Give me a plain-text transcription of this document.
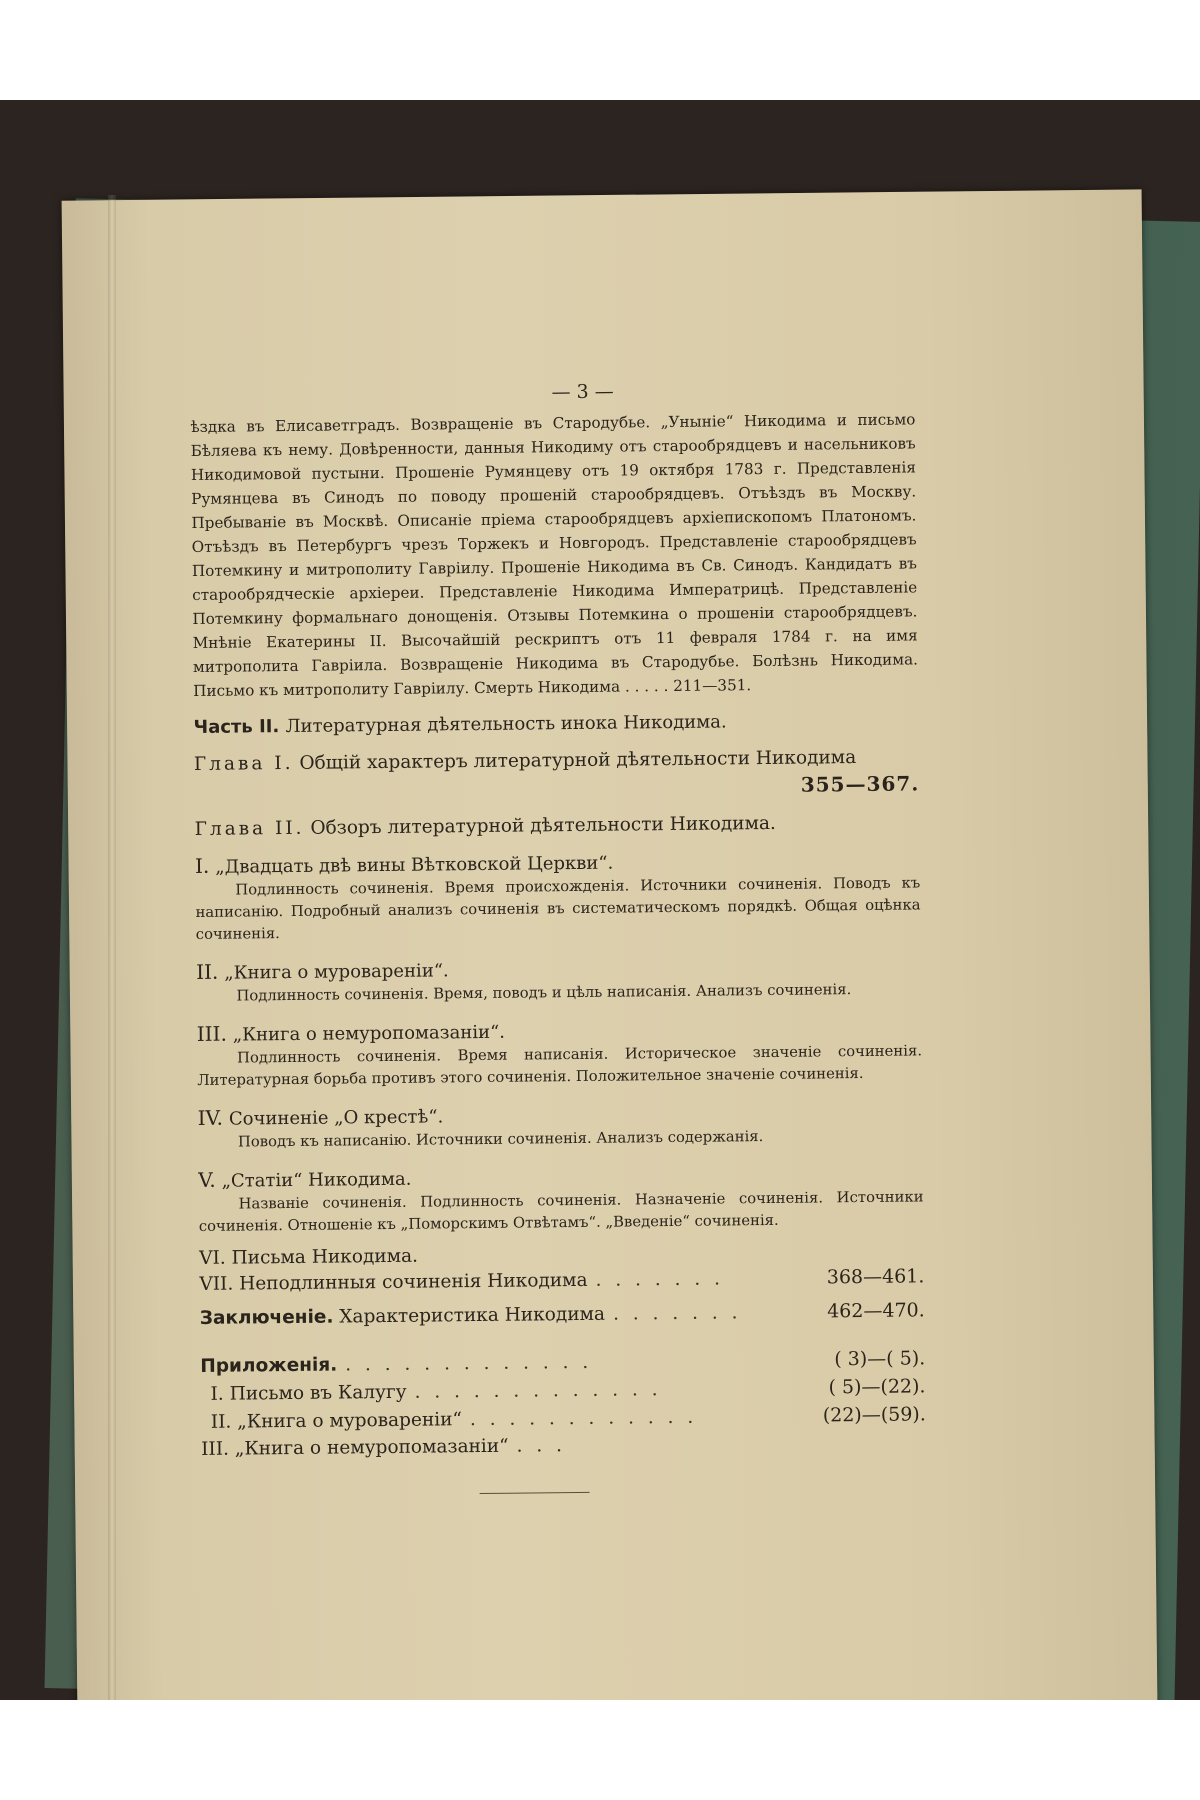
— 3 —

ѣздка въ Елисаветградъ. Возвращеніе въ Стародубье. „Уныніе“ Никодима и письмо Бѣляева къ нему. Довѣренности, данныя Никодиму отъ старообрядцевъ и насельниковъ Никодимовой пустыни. Прошеніе Румянцеву отъ 19 октября 1783 г. Представленія Румянцева въ Синодъ по поводу прошеній старообрядцевъ. Отъѣздъ въ Москву. Пребываніе въ Москвѣ. Описаніе пріема старообрядцевъ архіепископомъ Платономъ. Отъѣздъ въ Петербургъ чрезъ Торжекъ и Новгородъ. Представленіе старообрядцевъ Потемкину и митрополиту Гавріилу. Прошеніе Никодима въ Св. Синодъ. Кандидатъ въ старообрядческіе архіереи. Представленіе Никодима Императрицѣ. Представленіе Потемкину формальнаго донощенія. Отзывы Потемкина о прошеніи старообрядцевъ. Мнѣніе Екатерины II. Высочайшій рескриптъ отъ 11 февраля 1784 г. на имя митрополита Гавріила. Возвращеніе Никодима въ Стародубье. Болѣзнь Никодима. Письмо къ митрополиту Гавріилу. Смерть Никодима . . . . . 211—351.

Часть II. Литературная дѣятельность инока Никодима.
Глава I. Общій характеръ литературной дѣятельности Никодима
355—367.
Глава II. Обзоръ литературной дѣятельности Никодима.
I. „Двадцать двѣ вины Вѣтковской Церкви“.

Подлинность сочиненія. Время происхожденія. Источники сочиненія. Поводъ къ написанію. Подробный анализъ сочиненія въ систематическомъ порядкѣ. Общая оцѣнка сочиненія.

II. „Книга о муровареніи“.

Подлинность сочиненія. Время, поводъ и цѣль написанія. Анализъ сочиненія.

III. „Книга о немуропомазаніи“.

Подлинность сочиненія. Время написанія. Историческое значеніе сочиненія. Литературная борьба противъ этого сочиненія. Положительное значеніе сочиненія.

IV. Сочиненіе „О крестѣ“.

Поводъ къ написанію. Источники сочиненія. Анализъ содержанія.

V. „Статіи“ Никодима.

Названіе сочиненія. Подлинность сочиненія. Назначеніе сочиненія. Источники сочиненія. Отношеніе къ „Поморскимъ Отвѣтамъ“. „Введеніе“ сочиненія.

VI. Письма Никодима.
VII. Неподлинныя сочиненія Никодима . . . . . . .	368—461.
Заключеніе. Характеристика Никодима . . . . . . .	462—470.
Приложенія. . . . . . . . . . . . . .	( 3)—( 5).
I. Письмо въ Калугу . . . . . . . . . . . . .	( 5)—(22).
II. „Книга о муровареніи“ . . . . . . . . . . . .	(22)—(59).
III. „Книга о немуропомазаніи“ . . .
